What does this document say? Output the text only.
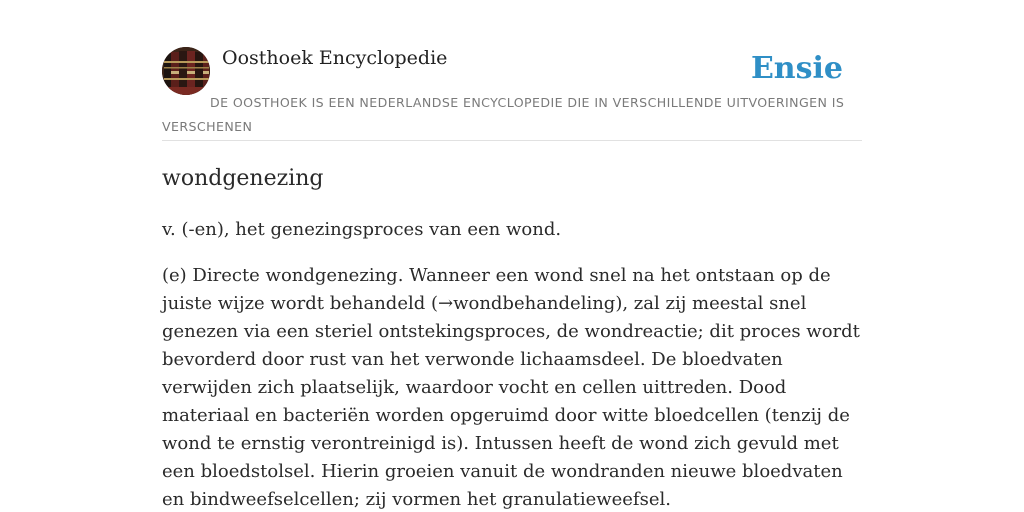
Oosthoek Encyclopedie	Ensie
DE OOSTHOEK IS EEN NEDERLANDSE ENCYCLOPEDIE DIE IN VERSCHILLENDE UITVOERINGEN IS VERSCHENEN
wondgenezing

v. (-en), het genezingsproces van een wond.

(e) Directe wondgenezing. Wanneer een wond snel na het ontstaan op de juiste wijze wordt behandeld (→wondbehandeling), zal zij meestal snel genezen via een steriel ontstekingsproces, de wondreactie; dit proces wordt bevorderd door rust van het verwonde lichaamsdeel. De bloedvaten verwijden zich plaatselijk, waardoor vocht en cellen uittreden. Dood materiaal en bacteriën worden opgeruimd door witte bloedcellen (tenzij de wond te ernstig verontreinigd is). Intussen heeft de wond zich gevuld met een bloedstolsel. Hierin groeien vanuit de wondranden nieuwe bloedvaten en bindweefselcellen; zij vormen het granulatieweefsel.
